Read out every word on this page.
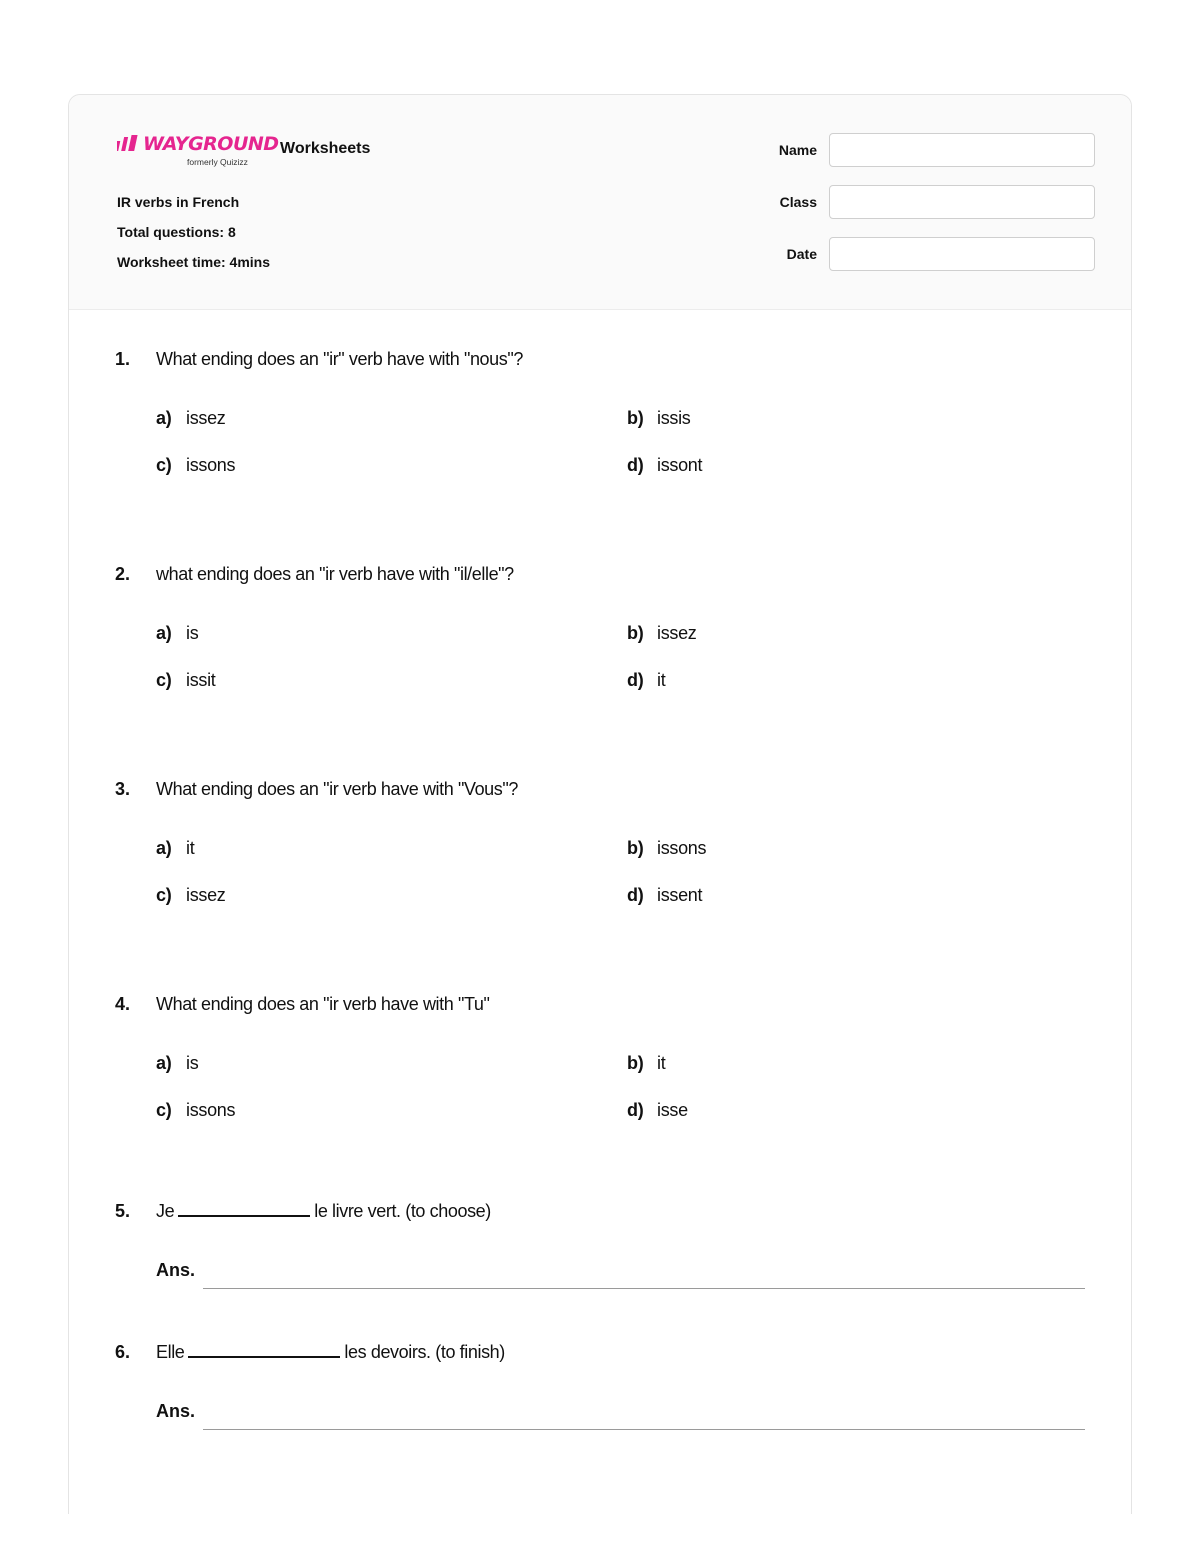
WAYGROUND
formerly Quizizz
Worksheets
IR verbs in French
Total questions: 8
Worksheet time: 4mins
Name
Class
Date
1. What ending does an "ir" verb have with "nous"?
a) issez	b) issis
c) issons	d) issont
2. what ending does an "ir verb have with "il/elle"?
a) is	b) issez
c) issit	d) it
3. What ending does an "ir verb have with "Vous"?
a) it	b) issons
c) issez	d) issent
4. What ending does an "ir verb have with "Tu"
a) is	b) it
c) issons	d) isse
5. Je	le livre vert. (to choose)
Ans.
6. Elle	les devoirs. (to finish)
Ans.
